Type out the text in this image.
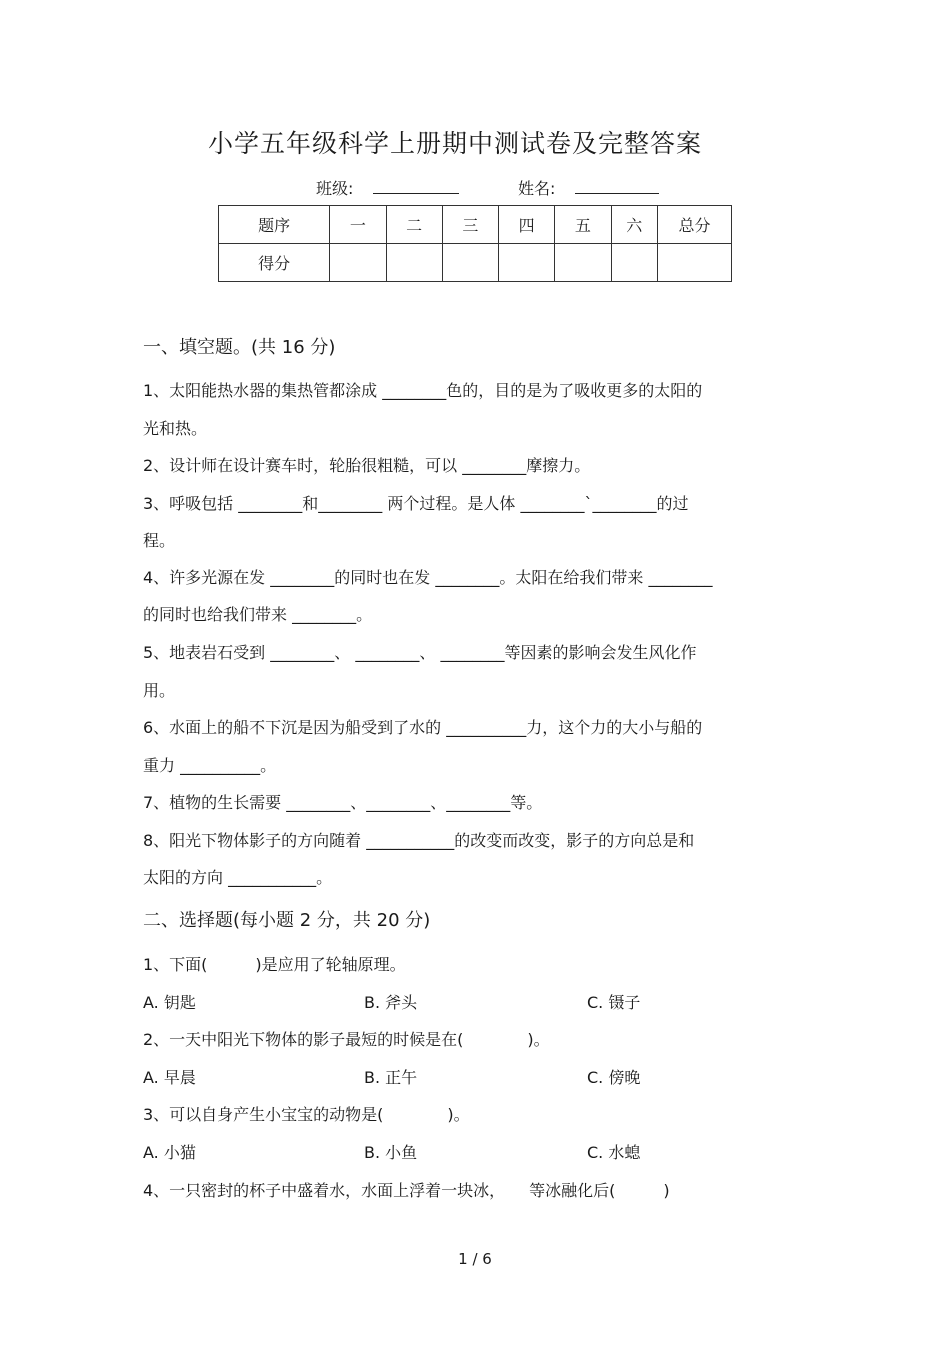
小学五年级科学上册期中测试卷及完整答案
班级:	姓名:
题序	一	二	三	四	五	六	总分
得分							
一、填空题。(共 16 分)
1、太阳能热水器的集热管都涂成 ________色的，目的是为了吸收更多的太阳的
光和热。
2、设计师在设计赛车时，轮胎很粗糙，可以 ________摩擦力。
3、呼吸包括 ________和________ 两个过程。是人体 ________`________的过
程。
4、许多光源在发 ________的同时也在发 ________。太阳在给我们带来 ________
的同时也给我们带来 ________。
5、地表岩石受到 ________、 ________、 ________等因素的影响会发生风化作
用。
6、水面上的船不下沉是因为船受到了水的 __________力，这个力的大小与船的
重力 __________。
7、植物的生长需要 ________、________、________等。
8、阳光下物体影子的方向随着 ___________的改变而改变，影子的方向总是和
太阳的方向 ___________。
二、选择题(每小题 2 分，共 20 分)
1、下面(　　　)是应用了轮轴原理。
A. 钥匙	B. 斧头	C. 镊子
2、一天中阳光下物体的影子最短的时候是在(　　　　)。
A. 早晨	B. 正午	C. 傍晚
3、可以自身产生小宝宝的动物是(　　　　)。
A. 小猫	B. 小鱼	C. 水螅
4、一只密封的杯子中盛着水，水面上浮着一块冰，　　等冰融化后(　　　)
1 / 6
